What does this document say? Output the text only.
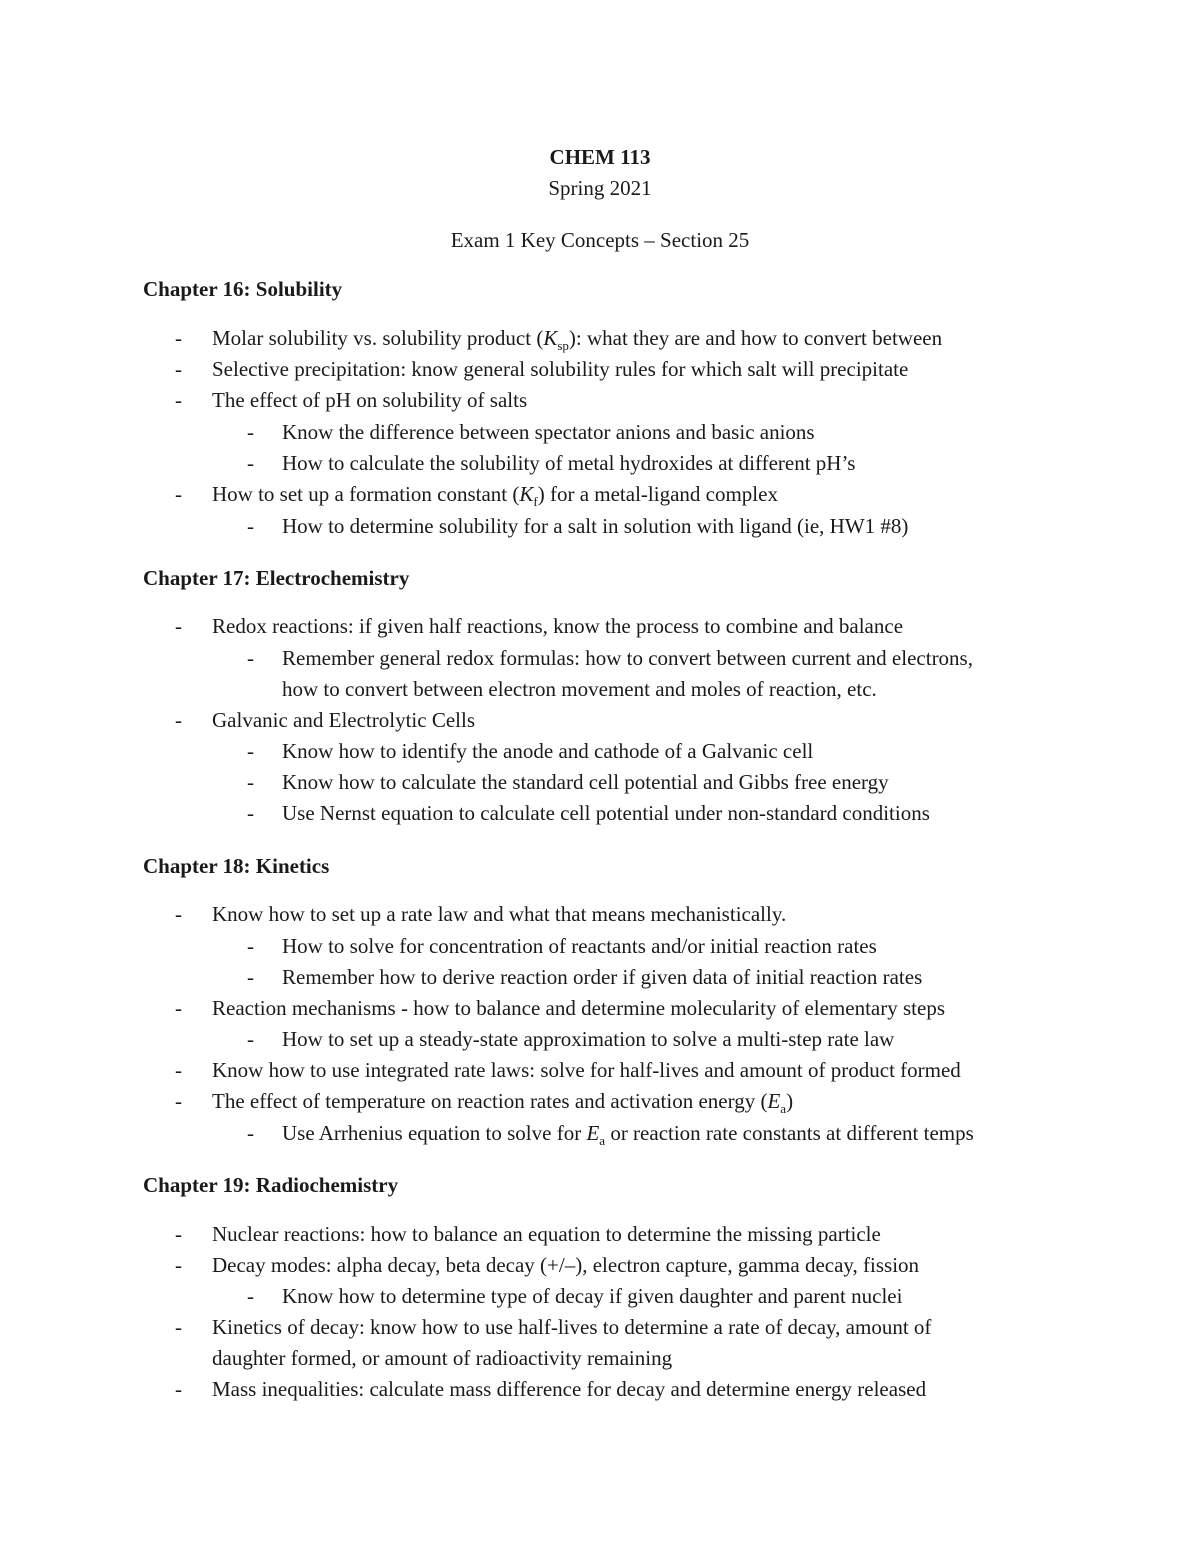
CHEM 113
Spring 2021
Exam 1 Key Concepts – Section 25
Chapter 16: Solubility
- Molar solubility vs. solubility product $(K_{sp})$: what they are and how to convert between
- Selective precipitation: know general solubility rules for which salt will precipitate
- The effect of pH on solubility of salts
- Know the difference between spectator anions and basic anions
- How to calculate the solubility of metal hydroxides at different pH’s
- How to set up a formation constant $(K_f)$ for a metal-ligand complex
- How to determine solubility for a salt in solution with ligand (ie, HW1 #8)
Chapter 17: Electrochemistry
- Redox reactions: if given half reactions, know the process to combine and balance
- Remember general redox formulas: how to convert between current and electrons,
how to convert between electron movement and moles of reaction, etc.
- Galvanic and Electrolytic Cells
- Know how to identify the anode and cathode of a Galvanic cell
- Know how to calculate the standard cell potential and Gibbs free energy
- Use Nernst equation to calculate cell potential under non-standard conditions
Chapter 18: Kinetics
- Know how to set up a rate law and what that means mechanistically.
- How to solve for concentration of reactants and/or initial reaction rates
- Remember how to derive reaction order if given data of initial reaction rates
- Reaction mechanisms - how to balance and determine molecularity of elementary steps
- How to set up a steady-state approximation to solve a multi-step rate law
- Know how to use integrated rate laws: solve for half-lives and amount of product formed
- The effect of temperature on reaction rates and activation energy $(E_a)$
- Use Arrhenius equation to solve for $E_a$ or reaction rate constants at different temps
Chapter 19: Radiochemistry
- Nuclear reactions: how to balance an equation to determine the missing particle
- Decay modes: alpha decay, beta decay (+/–), electron capture, gamma decay, fission
- Know how to determine type of decay if given daughter and parent nuclei
- Kinetics of decay: know how to use half-lives to determine a rate of decay, amount of
daughter formed, or amount of radioactivity remaining
- Mass inequalities: calculate mass difference for decay and determine energy released
